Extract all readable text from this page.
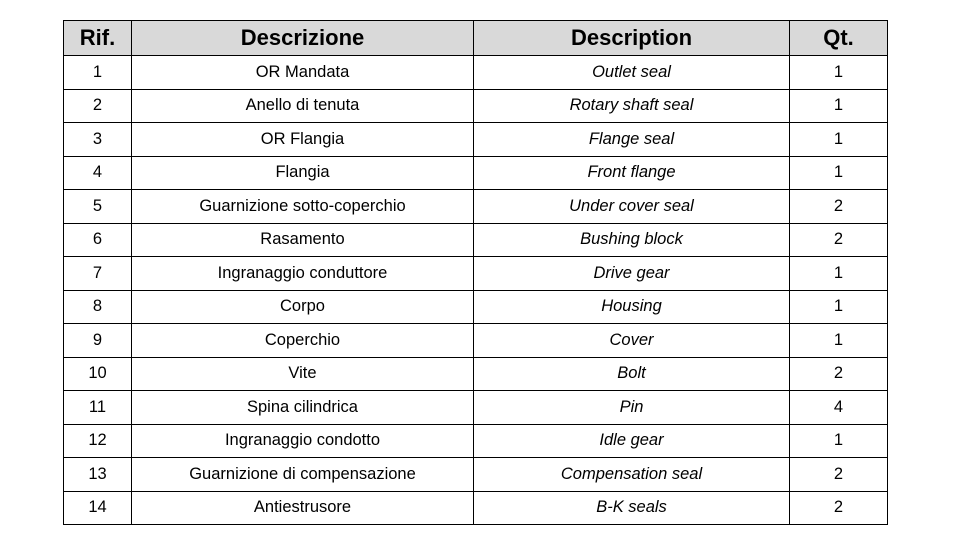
Rif.	Descrizione	Description	Qt.
1	OR Mandata	Outlet seal	1
2	Anello di tenuta	Rotary shaft seal	1
3	OR Flangia	Flange seal	1
4	Flangia	Front flange	1
5	Guarnizione sotto-coperchio	Under cover seal	2
6	Rasamento	Bushing block	2
7	Ingranaggio conduttore	Drive gear	1
8	Corpo	Housing	1
9	Coperchio	Cover	1
10	Vite	Bolt	2
11	Spina cilindrica	Pin	4
12	Ingranaggio condotto	Idle gear	1
13	Guarnizione di compensazione	Compensation seal	2
14	Antiestrusore	B-K seals	2
